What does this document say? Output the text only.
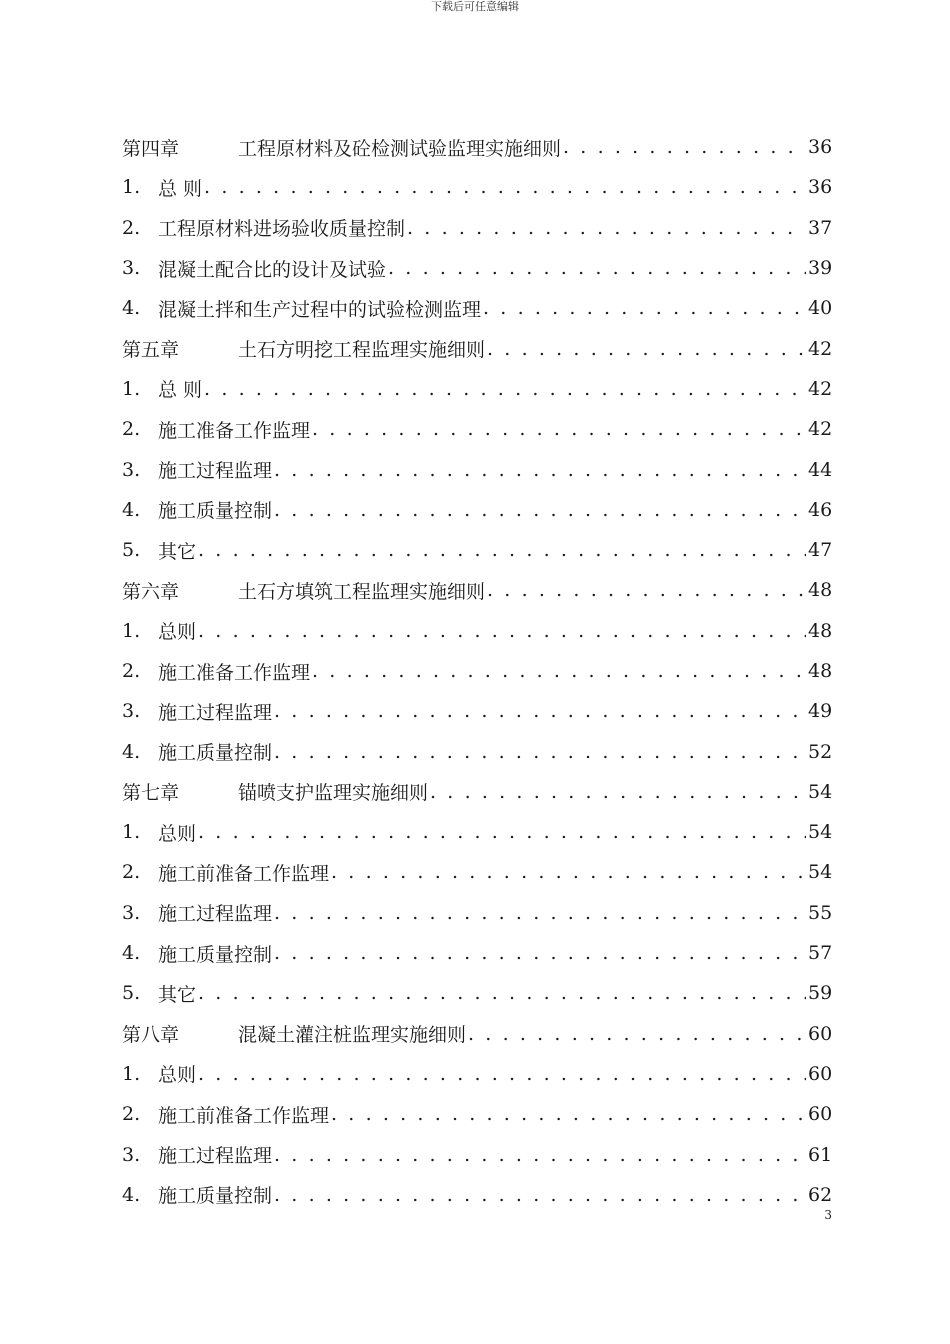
下载后可任意编辑
第四章	工程原材料及砼检测试验监理实施细则 . . .	36
1. 总 则 . . .	36
2. 工程原材料进场验收质量控制 . . .	37
3. 混凝土配合比的设计及试验 . . .	39
4. 混凝土拌和生产过程中的试验检测监理 . . .	40
第五章	土石方明挖工程监理实施细则 . . .	42
1. 总 则 . . .	42
2. 施工准备工作监理 . . .	42
3. 施工过程监理 . . .	44
4. 施工质量控制 . . .	46
5. 其它 . . .	47
第六章	土石方填筑工程监理实施细则 . . .	48
1. 总则 . . .	48
2. 施工准备工作监理 . . .	48
3. 施工过程监理 . . .	49
4. 施工质量控制 . . .	52
第七章	锚喷支护监理实施细则 . . .	54
1. 总则 . . .	54
2. 施工前准备工作监理 . . .	54
3. 施工过程监理 . . .	55
4. 施工质量控制 . . .	57
5. 其它 . . .	59
第八章	混凝土灌注桩监理实施细则 . . .	60
1. 总则 . . .	60
2. 施工前准备工作监理 . . .	60
3. 施工过程监理 . . .	61
4. 施工质量控制 . . .	62
3
